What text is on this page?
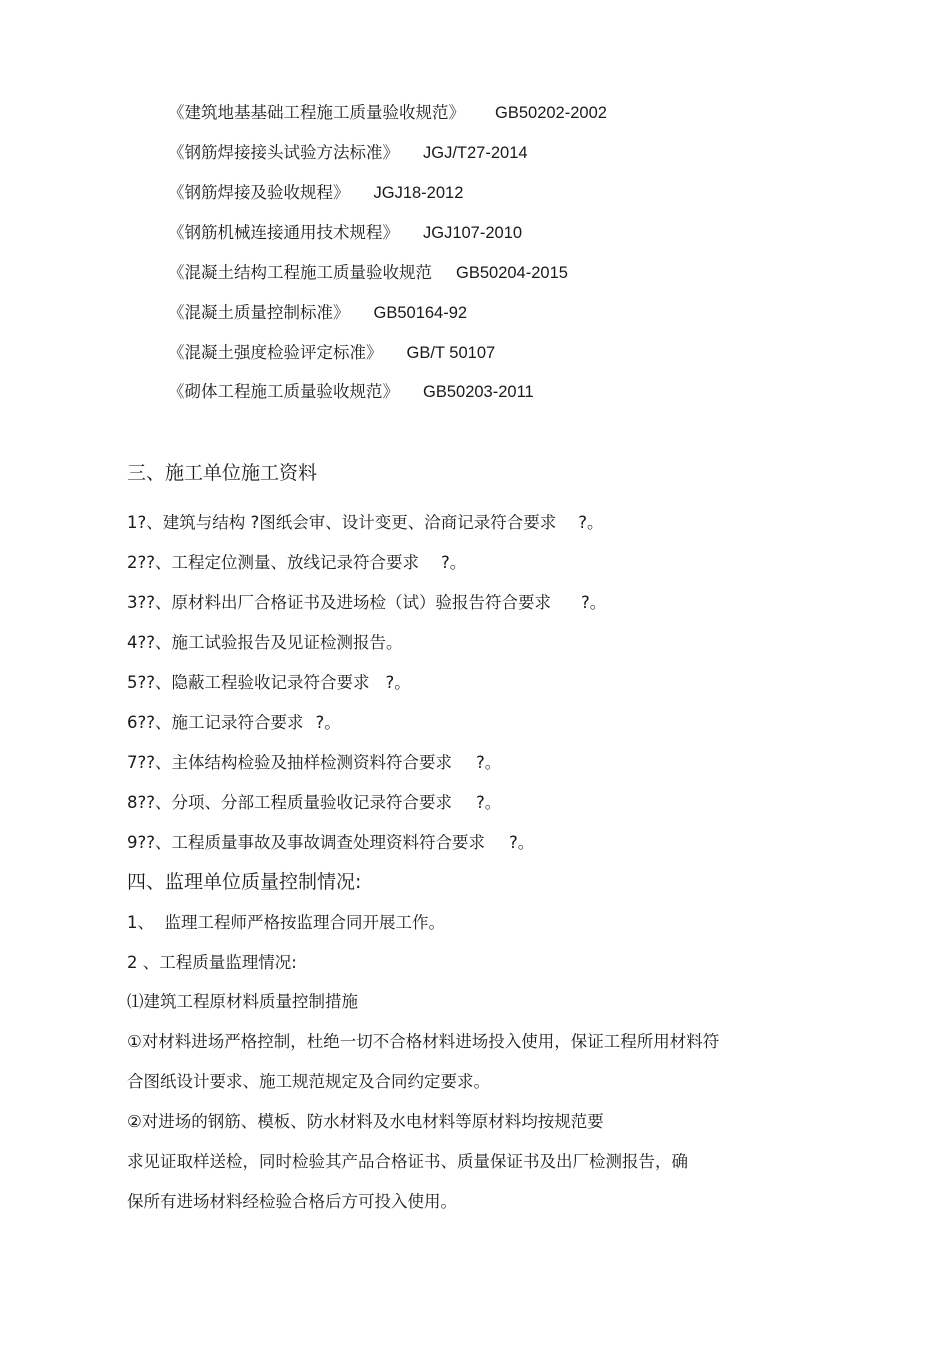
《建筑地基基础工程施工质量验收规范》 GB50202-2002
《钢筋焊接接头试验方法标准》 JGJ/T27-2014
《钢筋焊接及验收规程》 JGJ18-2012
《钢筋机械连接通用技术规程》 JGJ107-2010
《混凝土结构工程施工质量验收规范 GB50204-2015
《混凝土质量控制标准》 GB50164-92
《混凝土强度检验评定标准》 GB/T 50107
《砌体工程施工质量验收规范》 GB50203-2011
三、施工单位施工资料
1?、建筑与结构 ?图纸会审、设计变更、洽商记录符合要求 ?。
2??、工程定位测量、放线记录符合要求 ?。
3??、原材料出厂合格证书及进场检（试）验报告符合要求 ?。
4??、施工试验报告及见证检测报告。
5??、隐蔽工程验收记录符合要求 ?。
6??、施工记录符合要求 ?。
7??、主体结构检验及抽样检测资料符合要求 ?。
8??、分项、分部工程质量验收记录符合要求 ?。
9??、工程质量事故及事故调查处理资料符合要求 ?。
四、监理单位质量控制情况:
1、  监理工程师严格按监理合同开展工作。
2 、工程质量监理情况:
⑴建筑工程原材料质量控制措施
①对材料进场严格控制，杜绝一切不合格材料进场投入使用，保证工程所用材料符
合图纸设计要求、施工规范规定及合同约定要求。
②对进场的钢筋、模板、防水材料及水电材料等原材料均按规范要
求见证取样送检，同时检验其产品合格证书、质量保证书及出厂检测报告，确
保所有进场材料经检验合格后方可投入使用。
